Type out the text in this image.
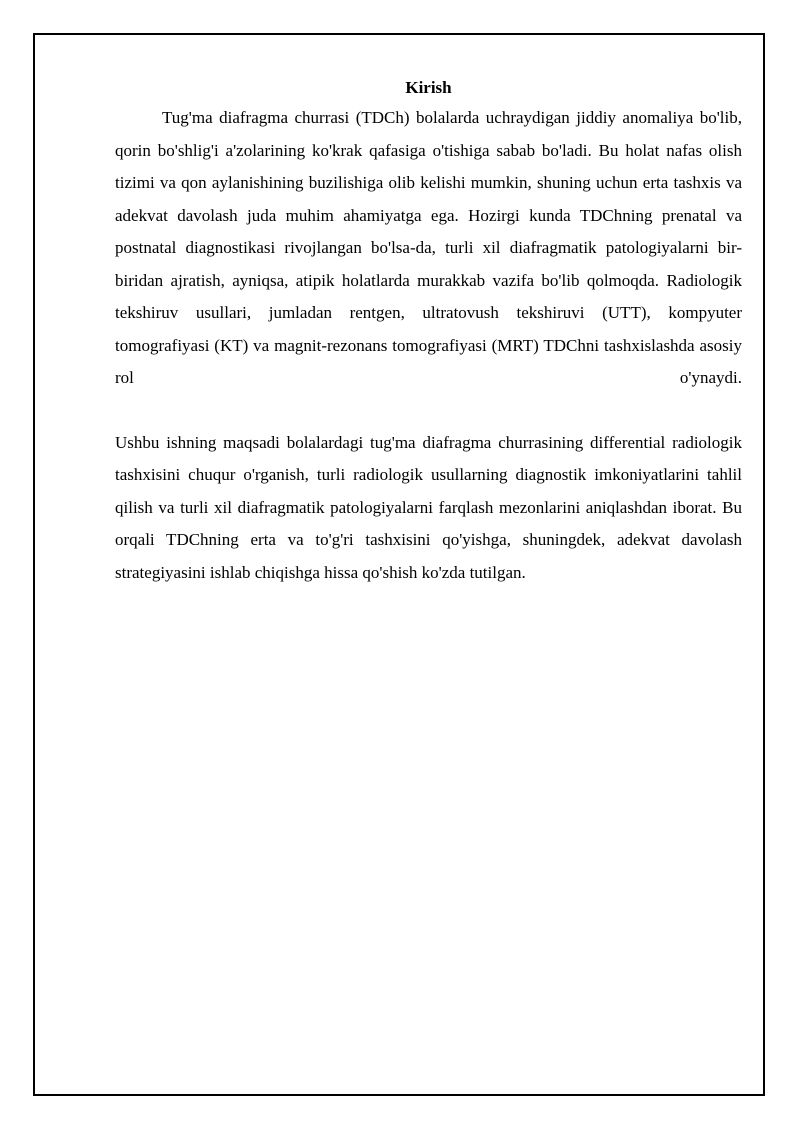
Kirish

Tug'ma diafragma churrasi (TDCh) bolalarda uchraydigan jiddiy anomaliya bo'lib, qorin bo'shlig'i a'zolarining ko'krak qafasiga o'tishiga sabab bo'ladi. Bu holat nafas olish tizimi va qon aylanishining buzilishiga olib kelishi mumkin, shuning uchun erta tashxis va adekvat davolash juda muhim ahamiyatga ega. Hozirgi kunda TDChning prenatal va postnatal diagnostikasi rivojlangan bo'lsa-da, turli xil diafragmatik patologiyalarni bir-biridan ajratish, ayniqsa, atipik holatlarda murakkab vazifa bo'lib qolmoqda. Radiologik tekshiruv usullari, jumladan rentgen, ultratovush tekshiruvi (UTT), kompyuter tomografiyasi (KT) va magnit-rezonans tomografiyasi (MRT) TDChni tashxislashda asosiy rol o'ynaydi.

Ushbu ishning maqsadi bolalardagi tug'ma diafragma churrasining differential radiologik tashxisini chuqur o'rganish, turli radiologik usullarning diagnostik imkoniyatlarini tahlil qilish va turli xil diafragmatik patologiyalarni farqlash mezonlarini aniqlashdan iborat. Bu orqali TDChning erta va to'g'ri tashxisini qo'yishga, shuningdek, adekvat davolash strategiyasini ishlab chiqishga hissa qo'shish ko'zda tutilgan.
